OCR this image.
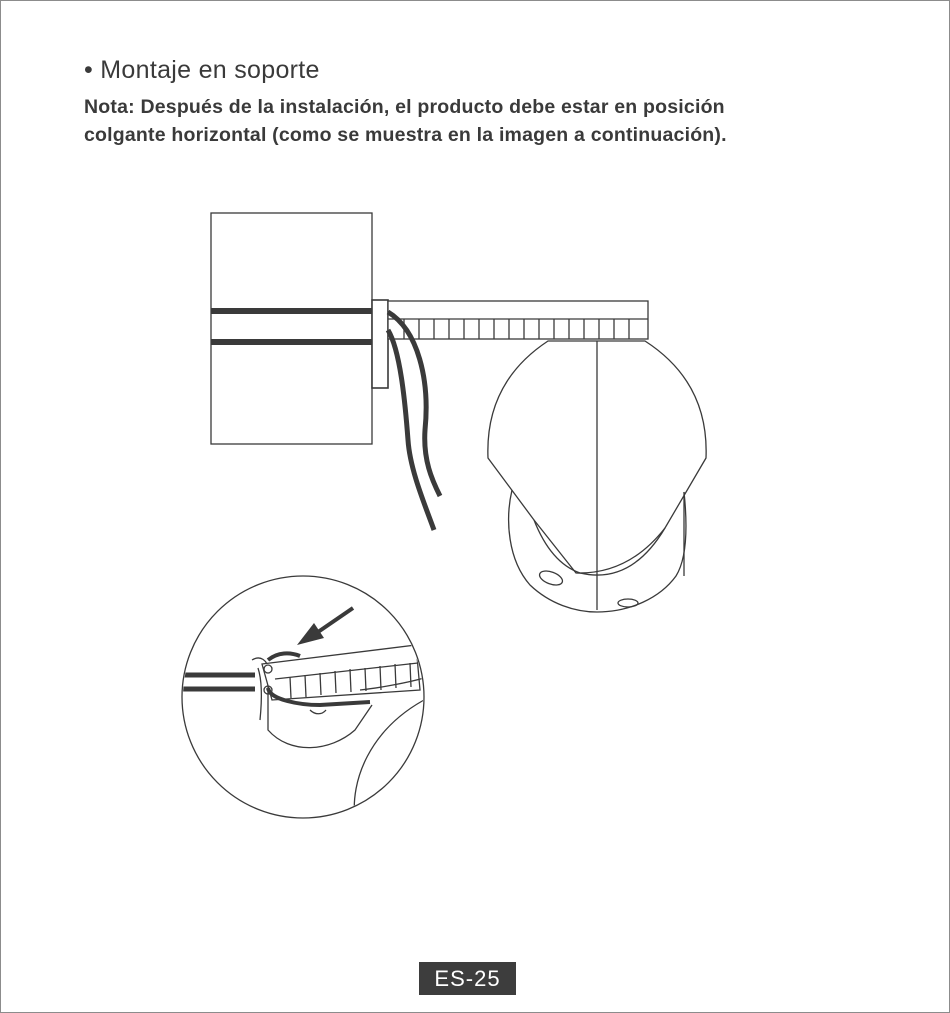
• Montaje en soporte

Nota: Después de la instalación, el producto debe estar en posición

colgante horizontal (como se muestra en la imagen a continuación).

ES-25
